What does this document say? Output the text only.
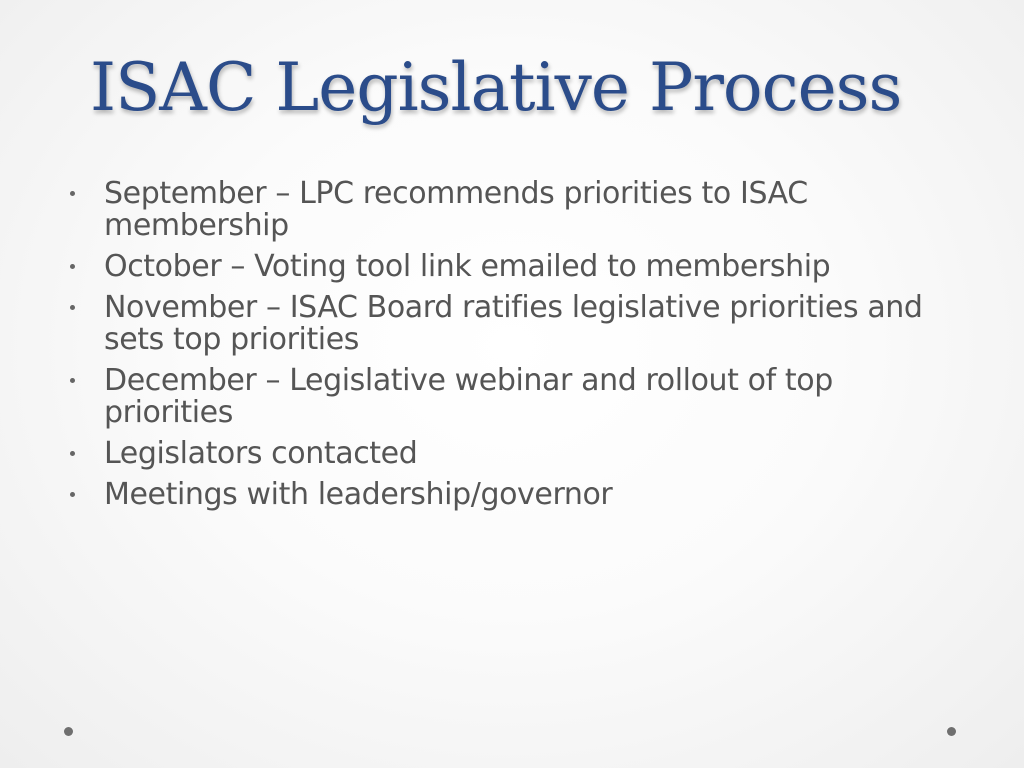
ISAC Legislative Process
September – LPC recommends priorities to ISAC membership
October – Voting tool link emailed to membership
November – ISAC Board ratifies legislative priorities and sets top priorities
December – Legislative webinar and rollout of top priorities
Legislators contacted
Meetings with leadership/governor
